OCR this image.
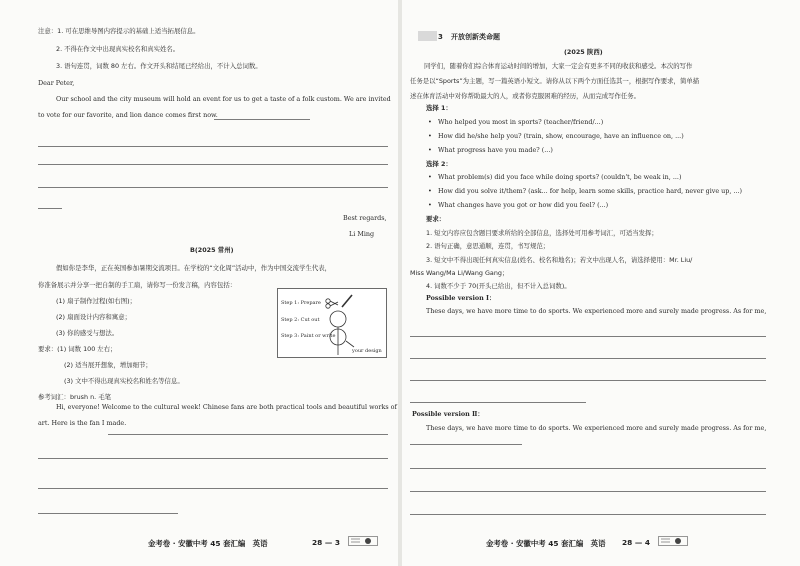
注意：1. 可在思维导图内容提示的基础上适当拓展信息。
2. 不得在作文中出现真实校名和真实姓名。
3. 语句连贯，词数 80 左右。作文开头和结尾已经给出，不计入总词数。
Dear Peter,
Our school and the city museum will hold an event for us to get a taste of a folk custom. We are invited
to vote for our favorite, and lion dance comes first now.
Best regards,
Li Ming
B(2025 常州)
假如你是李华，正在英国参加暑期交流项目。在学校的“文化周”活动中，作为中国交流学生代表，
你准备展示并分享一把自制的手工扇，请你写一份发言稿，内容包括：
(1) 扇子制作过程(如右图)；
(2) 扇面设计内容和寓意；
(3) 你的感受与想法。
要求：(1) 词数 100 左右；
(2) 适当展开想象，增加细节；
(3) 文中不得出现真实校名和姓名等信息。
参考词汇：brush n. 毛笔
Step 1: Prepare
Step 2: Cut out
Step 3: Paint or write
your design
Hi, everyone! Welcome to the cultural week! Chinese fans are both practical tools and beautiful works of
art. Here is the fan I made.
金考卷 · 安徽中考 45 套汇编　英语	28 — 3
3 开放创新类命题
(2025 陕西)
同学们，随着你们综合体育运动时间的增加，大家一定会有更多不同的收获和感受。本次的写作
任务是以“Sports”为主题，写一篇英语小短文。请你从以下两个方面任选其一，根据写作要求，简单描
述在体育活动中对你帮助最大的人，或者你克服困难的经历，从而完成写作任务。
选择 1：
• Who helped you most in sports? (teacher/friend/...)
• How did he/she help you? (train, show, encourage, have an influence on, ...)
• What progress have you made? (...)
选择 2：
• What problem(s) did you face while doing sports? (couldn't, be weak in, ...)
• How did you solve it/them? (ask... for help, learn some skills, practice hard, never give up, ...)
• What changes have you got or how did you feel? (...)
要求：
1. 短文内容应包含题目要求所给的全部信息，选择处可用参考词汇，可适当发挥；
2. 语句正确，意思通顺，连贯，书写规范；
3. 短文中不得出现任何真实信息(姓名、校名和地名)；若文中出现人名，请选择使用：Mr. Liu/
Miss Wang/Ma Li/Wang Gang；
4. 词数不少于 70(开头已给出，但不计入总词数)。
Possible version Ⅰ：
These days, we have more time to do sports. We experienced more and surely made progress. As for me,
Possible version Ⅱ：
These days, we have more time to do sports. We experienced more and surely made progress. As for me,
金考卷 · 安徽中考 45 套汇编　英语 28 — 4
